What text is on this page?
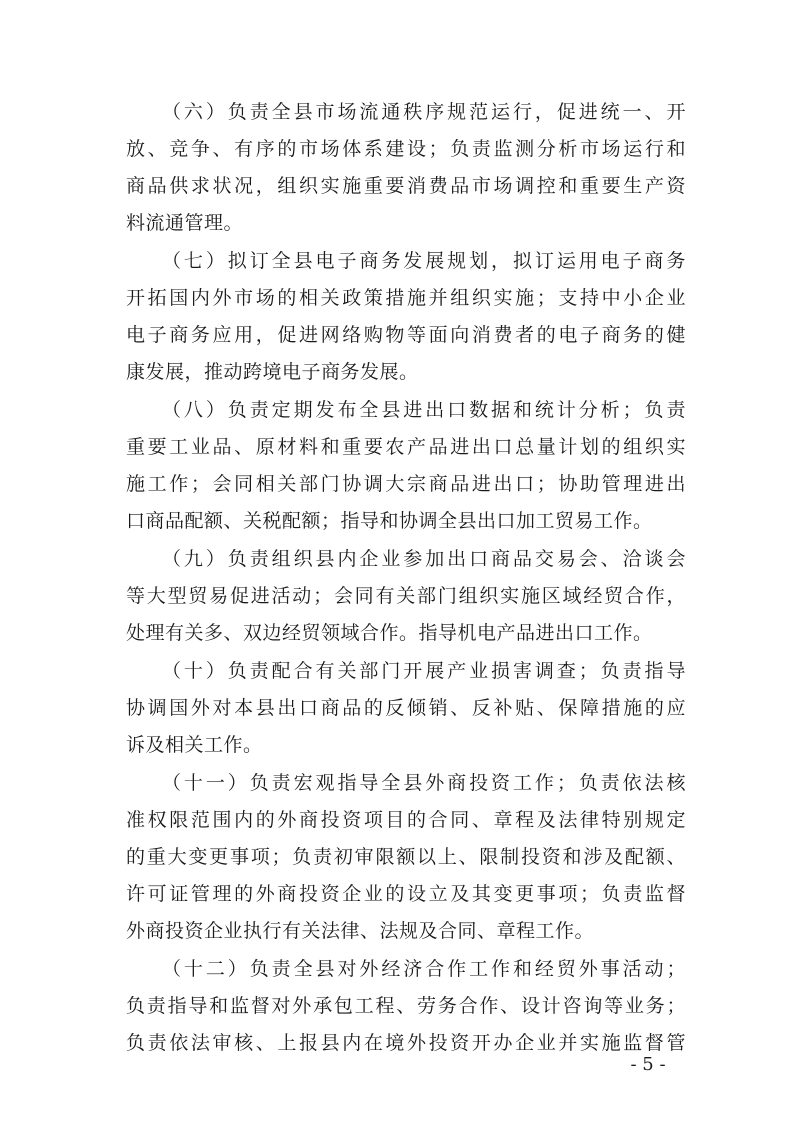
（六）负责全县市场流通秩序规范运行，促进统一、开
放、竞争、有序的市场体系建设；负责监测分析市场运行和
商品供求状况，组织实施重要消费品市场调控和重要生产资
料流通管理。
（七）拟订全县电子商务发展规划，拟订运用电子商务
开拓国内外市场的相关政策措施并组织实施；支持中小企业
电子商务应用，促进网络购物等面向消费者的电子商务的健
康发展，推动跨境电子商务发展。
（八）负责定期发布全县进出口数据和统计分析；负责
重要工业品、原材料和重要农产品进出口总量计划的组织实
施工作；会同相关部门协调大宗商品进出口；协助管理进出
口商品配额、关税配额；指导和协调全县出口加工贸易工作。
（九）负责组织县内企业参加出口商品交易会、洽谈会
等大型贸易促进活动；会同有关部门组织实施区域经贸合作，
处理有关多、双边经贸领域合作。指导机电产品进出口工作。
（十）负责配合有关部门开展产业损害调查；负责指导
协调国外对本县出口商品的反倾销、反补贴、保障措施的应
诉及相关工作。
（十一）负责宏观指导全县外商投资工作；负责依法核
准权限范围内的外商投资项目的合同、章程及法律特别规定
的重大变更事项；负责初审限额以上、限制投资和涉及配额、
许可证管理的外商投资企业的设立及其变更事项；负责监督
外商投资企业执行有关法律、法规及合同、章程工作。
（十二）负责全县对外经济合作工作和经贸外事活动；
负责指导和监督对外承包工程、劳务合作、设计咨询等业务；
负责依法审核、上报县内在境外投资开办企业并实施监督管
- 5 -
